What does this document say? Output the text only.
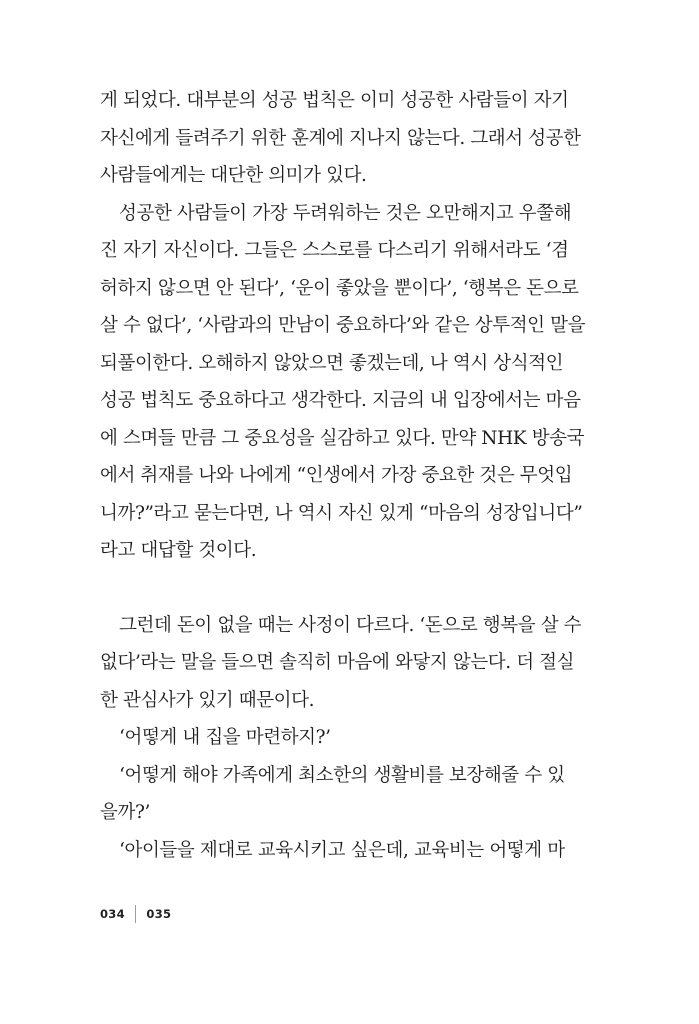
게 되었다. 대부분의 성공 법칙은 이미 성공한 사람들이 자기
자신에게 들려주기 위한 훈계에 지나지 않는다. 그래서 성공한
사람들에게는 대단한 의미가 있다.
성공한 사람들이 가장 두려워하는 것은 오만해지고 우쭐해
진 자기 자신이다. 그들은 스스로를 다스리기 위해서라도 ‘겸
허하지 않으면 안 된다’, ‘운이 좋았을 뿐이다’, ‘행복은 돈으로
살 수 없다’, ‘사람과의 만남이 중요하다’와 같은 상투적인 말을
되풀이한다. 오해하지 않았으면 좋겠는데, 나 역시 상식적인
성공 법칙도 중요하다고 생각한다. 지금의 내 입장에서는 마음
에 스며들 만큼 그 중요성을 실감하고 있다. 만약 NHK 방송국
에서 취재를 나와 나에게 “인생에서 가장 중요한 것은 무엇입
니까?”라고 묻는다면, 나 역시 자신 있게 “마음의 성장입니다”
라고 대답할 것이다.
그런데 돈이 없을 때는 사정이 다르다. ‘돈으로 행복을 살 수
없다’라는 말을 들으면 솔직히 마음에 와닿지 않는다. 더 절실
한 관심사가 있기 때문이다.
‘어떻게 내 집을 마련하지?’
‘어떻게 해야 가족에게 최소한의 생활비를 보장해줄 수 있
을까?’
‘아이들을 제대로 교육시키고 싶은데, 교육비는 어떻게 마
034 035
